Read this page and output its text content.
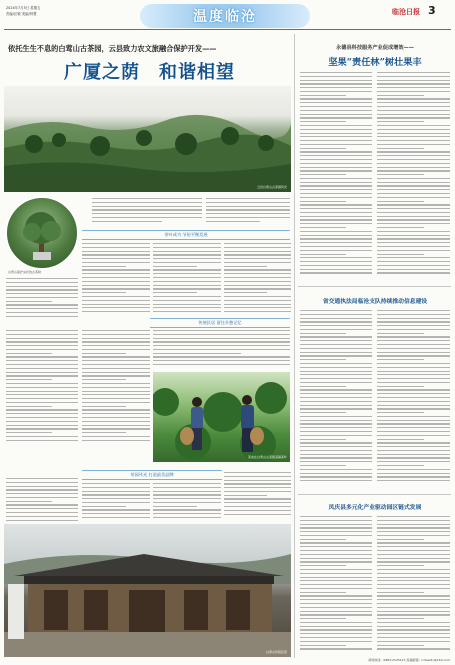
2024年7月5日 星期五
责编/汪敏 美编/钟慧	温度临沧	临沧日报 3
依托生生不息的白莺山古茶园，云县致力农文旅融合保护开发——
广厦之荫　和谐相望
云县白莺山古茶园风光
白莺山保护完好的古茶树
茶叶成为 节俗平衡发展
传统民居 留住乡愁记忆
茶农在白莺山古茶园采摘茶叶
茶园风光 打造最美品牌
白莺山传统民居
永德县科技服务产业促成增效——
坚果“责任林”树壮果丰
省交通执法局临沧支队持续推动信息建设
凤庆县多元化产业驱动园区链式发展
新闻热线：0883-2125123 投稿邮箱：lcrbwdlc@163.com
